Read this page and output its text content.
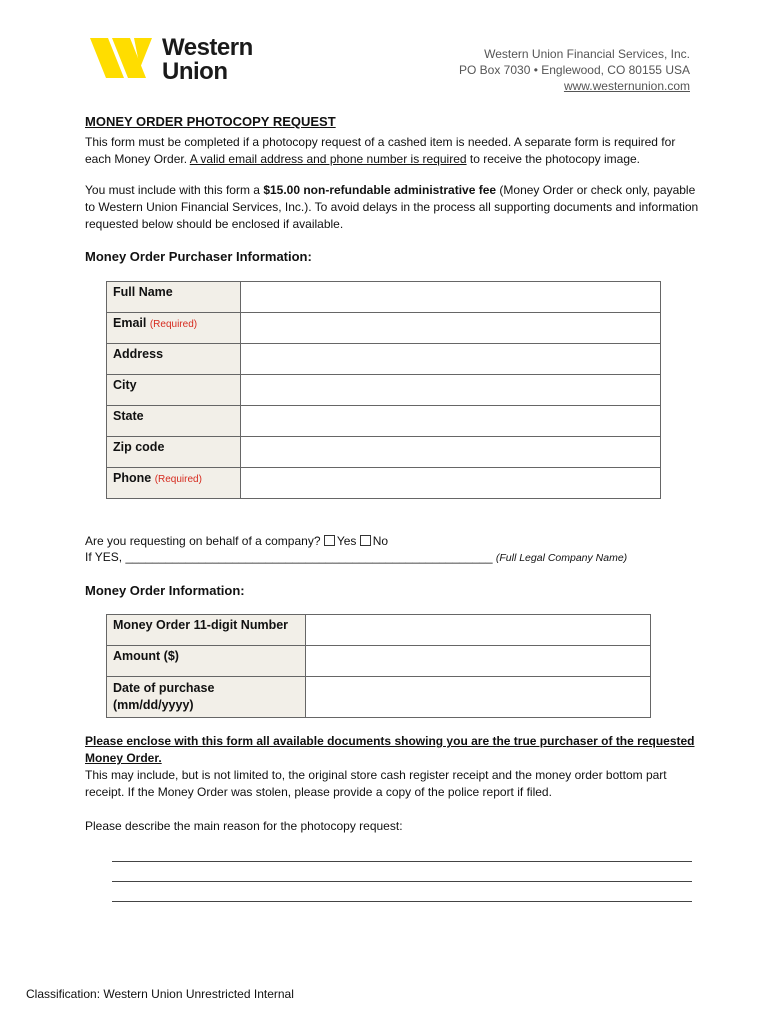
Western
Union
Western Union Financial Services, Inc.
PO Box 7030 • Englewood, CO 80155 USA
www.westernunion.com
MONEY ORDER PHOTOCOPY REQUEST
This form must be completed if a photocopy request of a cashed item is needed. A separate form is required for each Money Order. A valid email address and phone number is required to receive the photocopy image.
You must include with this form a $15.00 non-refundable administrative fee (Money Order or check only, payable to Western Union Financial Services, Inc.). To avoid delays in the process all supporting documents and information requested below should be enclosed if available.
Money Order Purchaser Information:
Full Name	
Email (Required)	
Address	
City	
State	
Zip code	
Phone (Required)	
Are you requesting on behalf of a company? Yes No
If YES, _______________________________________________________ (Full Legal Company Name)
Money Order Information:
Money Order 11-digit Number	
Amount ($)	

Date of purchase
(mm/dd/yyyy)	

Please enclose with this form all available documents showing you are the true purchaser of the requested Money Order.
This may include, but is not limited to, the original store cash register receipt and the money order bottom part receipt. If the Money Order was stolen, please provide a copy of the police report if filed.
Please describe the main reason for the photocopy request:
Classification: Western Union Unrestricted Internal
